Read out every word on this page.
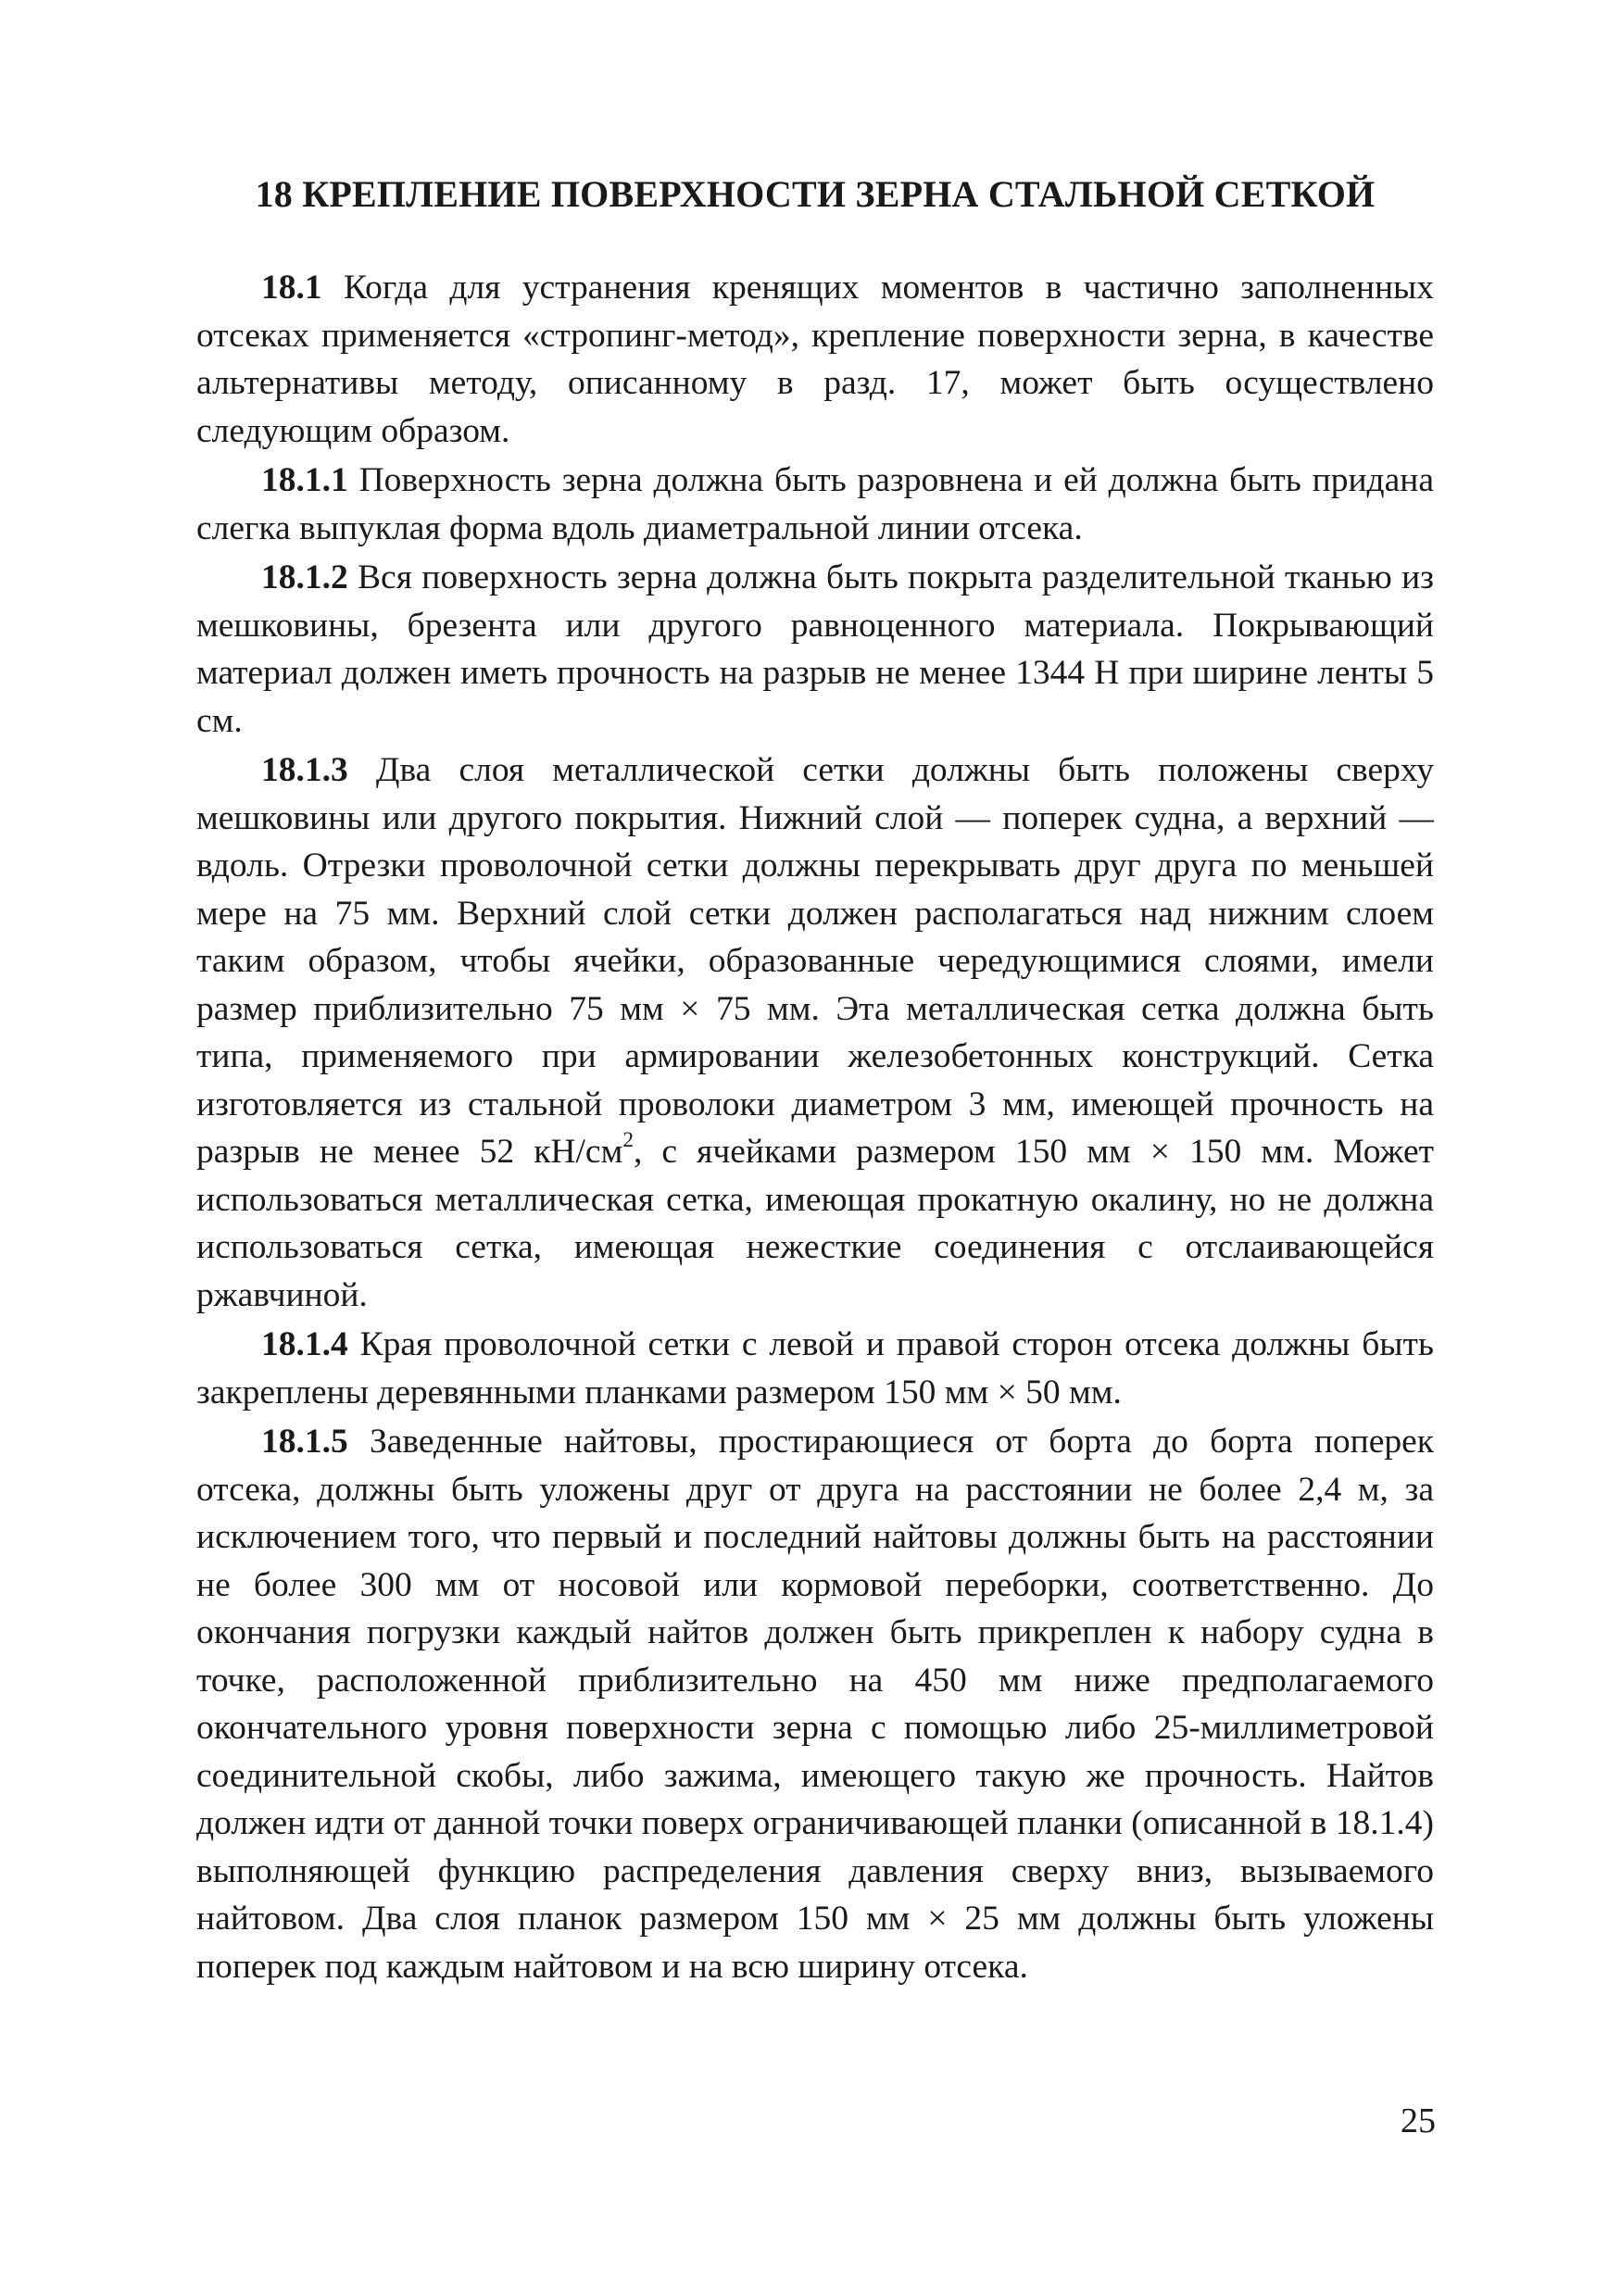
18 КРЕПЛЕНИЕ ПОВЕРХНОСТИ ЗЕРНА СТАЛЬНОЙ СЕТКОЙ

18.1 Когда для устранения кренящих моментов в частично заполненных отсеках применяется «стропинг-метод», крепление поверхности зерна, в качестве альтернативы методу, описанному в разд. 17, может быть осуществлено следующим образом.

18.1.1 Поверхность зерна должна быть разровнена и ей должна быть придана слегка выпуклая форма вдоль диаметральной линии отсека.

18.1.2 Вся поверхность зерна должна быть покрыта разделительной тканью из мешковины, брезента или другого равноценного материала. Покрывающий материал должен иметь прочность на разрыв не менее 1344 Н при ширине ленты 5 см.

18.1.3 Два слоя металлической сетки должны быть положены сверху мешковины или другого покрытия. Нижний слой — поперек судна, а верхний — вдоль. Отрезки проволочной сетки должны перекрывать друг друга по меньшей мере на 75 мм. Верхний слой сетки должен располагаться над нижним слоем таким образом, чтобы ячейки, образованные чередующимися слоями, имели размер приблизительно 75 мм × 75 мм. Эта металлическая сетка должна быть типа, применяемого при армировании железобетонных конструкций. Сетка изготовляется из стальной проволоки диаметром 3 мм, имеющей прочность на разрыв не менее 52 $кН/см^2$, с ячейками размером 150 мм × 150 мм. Может использоваться металлическая сетка, имеющая прокатную окалину, но не должна использоваться сетка, имеющая нежесткие соединения с отслаивающейся ржавчиной.

18.1.4 Края проволочной сетки с левой и правой сторон отсека должны быть закреплены деревянными планками размером 150 мм × 50 мм.

18.1.5 Заведенные найтовы, простирающиеся от борта до борта поперек отсека, должны быть уложены друг от друга на расстоянии не более 2,4 м, за исключением того, что первый и последний найтовы должны быть на расстоянии не более 300 мм от носовой или кормовой переборки, соответственно. До окончания погрузки каждый найтов должен быть прикреплен к набору судна в точке, расположенной приблизительно на 450 мм ниже предполагаемого окончательного уровня поверхности зерна с помощью либо 25-миллиметровой соединительной скобы, либо зажима, имеющего такую же прочность. Найтов должен идти от данной точки поверх ограничивающей планки (описанной в 18.1.4) выполняющей функцию распределения давления сверху вниз, вызываемого найтовом. Два слоя планок размером 150 мм × 25 мм должны быть уложены поперек под каждым найтовом и на всю ширину отсека.

25
